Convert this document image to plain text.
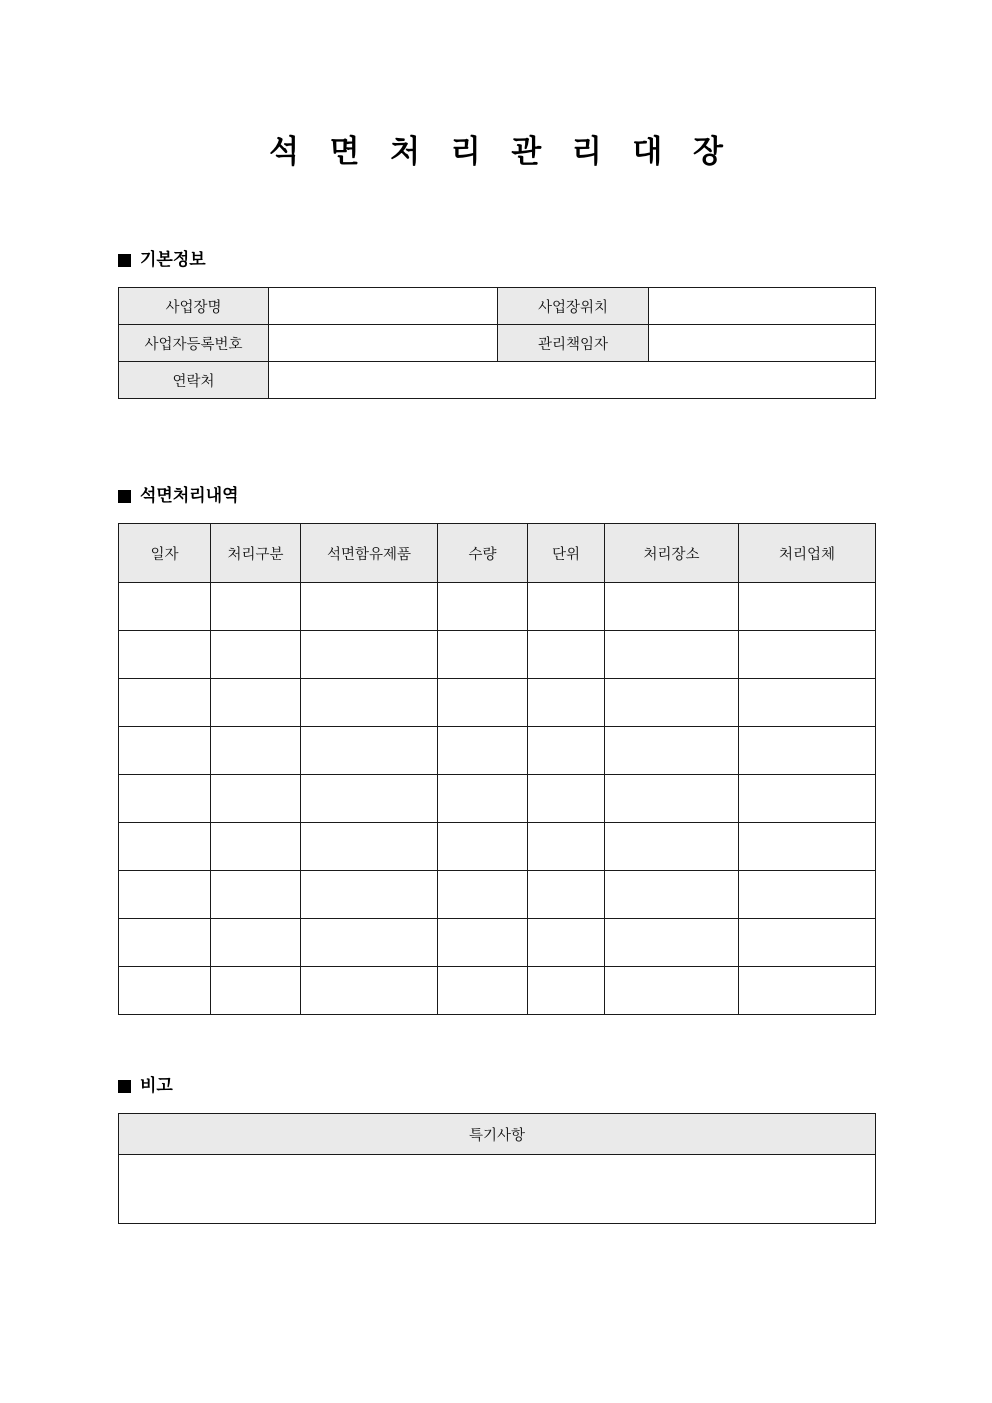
석 면 처 리 관 리 대 장
기본정보
사업장명		사업장위치	
사업자등록번호		관리책임자	
연락처			
석면처리내역
일자	처리구분	석면함유제품	수량	단위	처리장소	처리업체

비고
특기사항
